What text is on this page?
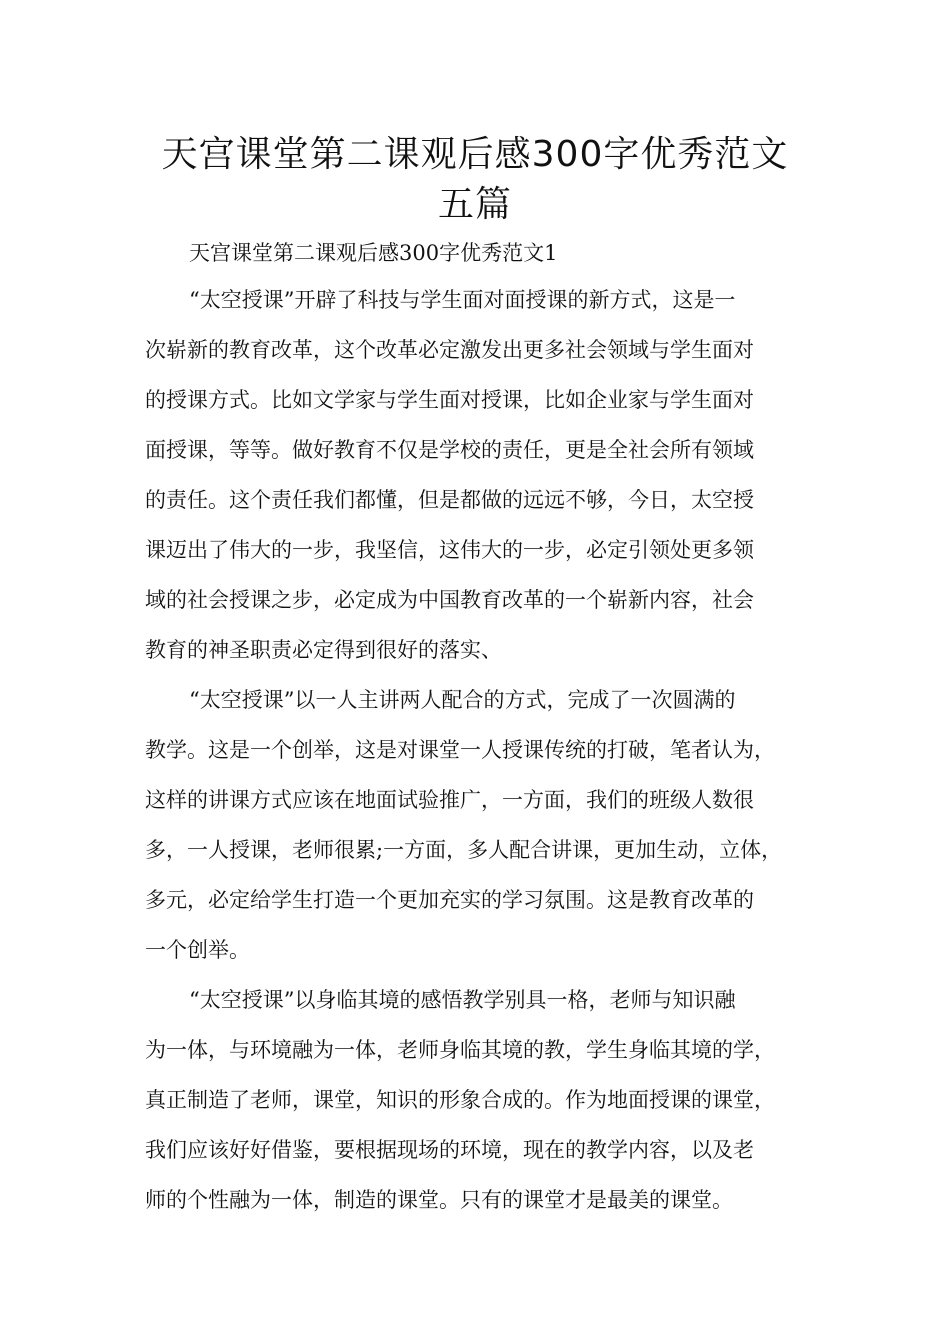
天宫课堂第二课观后感300字优秀范文
五篇
天宫课堂第二课观后感300字优秀范文1
“太空授课”开辟了科技与学生面对面授课的新方式，这是一
次崭新的教育改革，这个改革必定激发出更多社会领域与学生面对
的授课方式。比如文学家与学生面对授课，比如企业家与学生面对
面授课，等等。做好教育不仅是学校的责任，更是全社会所有领域
的责任。这个责任我们都懂，但是都做的远远不够，今日，太空授
课迈出了伟大的一步，我坚信，这伟大的一步，必定引领处更多领
域的社会授课之步，必定成为中国教育改革的一个崭新内容，社会
教育的神圣职责必定得到很好的落实、
“太空授课”以一人主讲两人配合的方式，完成了一次圆满的
教学。这是一个创举，这是对课堂一人授课传统的打破，笔者认为，
这样的讲课方式应该在地面试验推广，一方面，我们的班级人数很
多，一人授课，老师很累;一方面，多人配合讲课，更加生动，立体，
多元，必定给学生打造一个更加充实的学习氛围。这是教育改革的
一个创举。
“太空授课”以身临其境的感悟教学别具一格，老师与知识融
为一体，与环境融为一体，老师身临其境的教，学生身临其境的学，
真正制造了老师，课堂，知识的形象合成的。作为地面授课的课堂，
我们应该好好借鉴，要根据现场的环境，现在的教学内容，以及老
师的个性融为一体，制造的课堂。只有的课堂才是最美的课堂。
